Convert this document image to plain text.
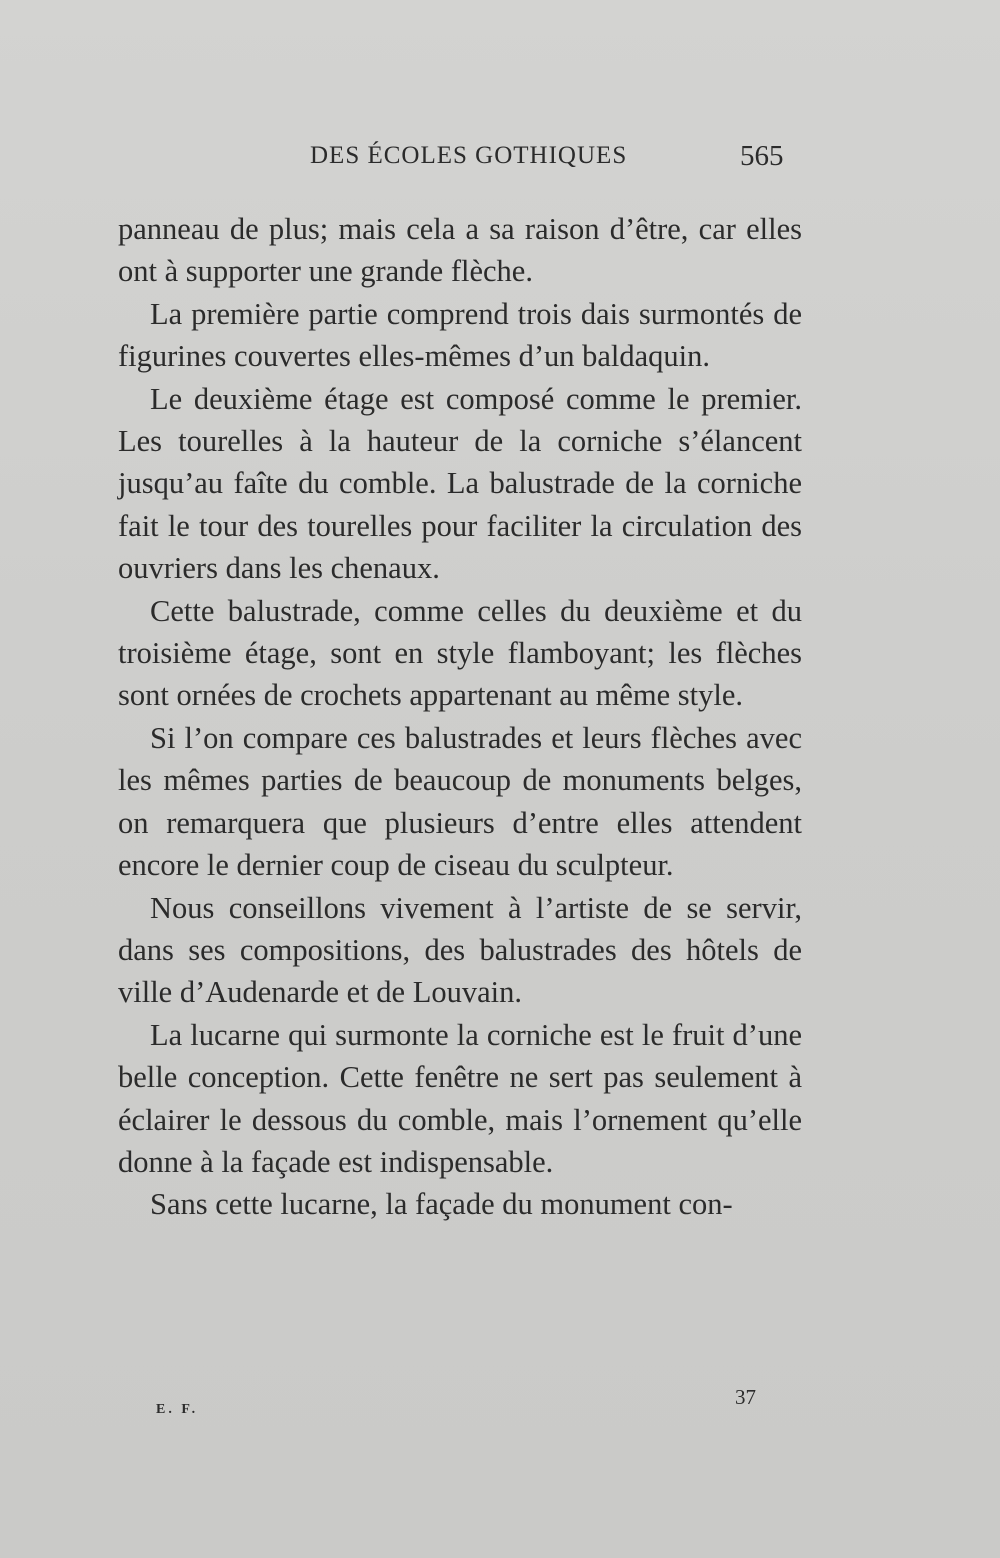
DES ÉCOLES GOTHIQUES	565

panneau de plus; mais cela a sa raison d’être, car elles ont à supporter une grande flèche.

La première partie comprend trois dais surmontés de figurines couvertes elles-mêmes d’un baldaquin.

Le deuxième étage est composé comme le premier. Les tourelles à la hauteur de la corniche s’élancent jusqu’au faîte du comble. La balustrade de la corniche fait le tour des tourelles pour faciliter la circulation des ouvriers dans les chenaux.

Cette balustrade, comme celles du deuxième et du troisième étage, sont en style flamboyant; les flèches sont ornées de crochets appartenant au même style.

Si l’on compare ces balustrades et leurs flèches avec les mêmes parties de beaucoup de monuments belges, on remarquera que plusieurs d’entre elles attendent encore le dernier coup de ciseau du sculpteur.

Nous conseillons vivement à l’artiste de se servir, dans ses compositions, des balustrades des hôtels de ville d’Audenarde et de Louvain.

La lucarne qui surmonte la corniche est le fruit d’une belle conception. Cette fenêtre ne sert pas seulement à éclairer le dessous du comble, mais l’ornement qu’elle donne à la façade est indispensable.

Sans cette lucarne, la façade du monument con-

E. F.
37
